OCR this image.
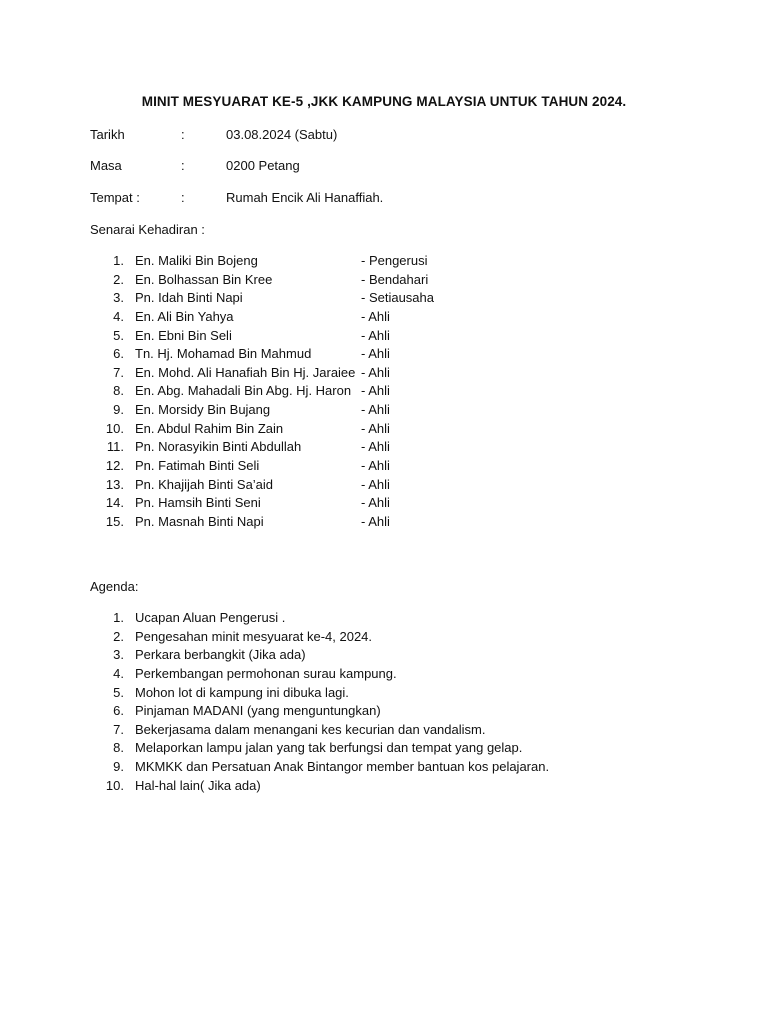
MINIT MESYUARAT KE-5 ,JKK KAMPUNG MALAYSIA UNTUK TAHUN 2024.
Tarikh	:	03.08.2024 (Sabtu)
Masa	:	0200 Petang
Tempat :	:	Rumah Encik Ali Hanaffiah.
Senarai Kehadiran :
1. En. Maliki Bin Bojeng	- Pengerusi
2. En. Bolhassan Bin Kree	- Bendahari
3. Pn. Idah Binti Napi	- Setiausaha
4. En. Ali Bin Yahya	- Ahli
5. En. Ebni Bin Seli	- Ahli
6. Tn. Hj. Mohamad Bin Mahmud	- Ahli
7. En. Mohd. Ali Hanafiah Bin Hj. Jaraiee - Ahli
8. En. Abg. Mahadali Bin Abg. Hj. Haron - Ahli
9. En. Morsidy Bin Bujang	- Ahli
10. En. Abdul Rahim Bin Zain	- Ahli
11. Pn. Norasyikin Binti Abdullah	- Ahli
12. Pn. Fatimah Binti Seli	- Ahli
13. Pn. Khajijah Binti Sa’aid	- Ahli
14. Pn. Hamsih Binti Seni	- Ahli
15. Pn. Masnah Binti Napi	- Ahli
Agenda:
1. Ucapan Aluan Pengerusi .
2. Pengesahan minit mesyuarat ke-4, 2024.
3. Perkara berbangkit (Jika ada)
4. Perkembangan permohonan surau kampung.
5. Mohon lot di kampung ini dibuka lagi.
6. Pinjaman MADANI (yang menguntungkan)
7. Bekerjasama dalam menangani kes kecurian dan vandalism.
8. Melaporkan lampu jalan yang tak berfungsi dan tempat yang gelap.
9. MKMKK dan Persatuan Anak Bintangor member bantuan kos pelajaran.
10. Hal-hal lain( Jika ada)
